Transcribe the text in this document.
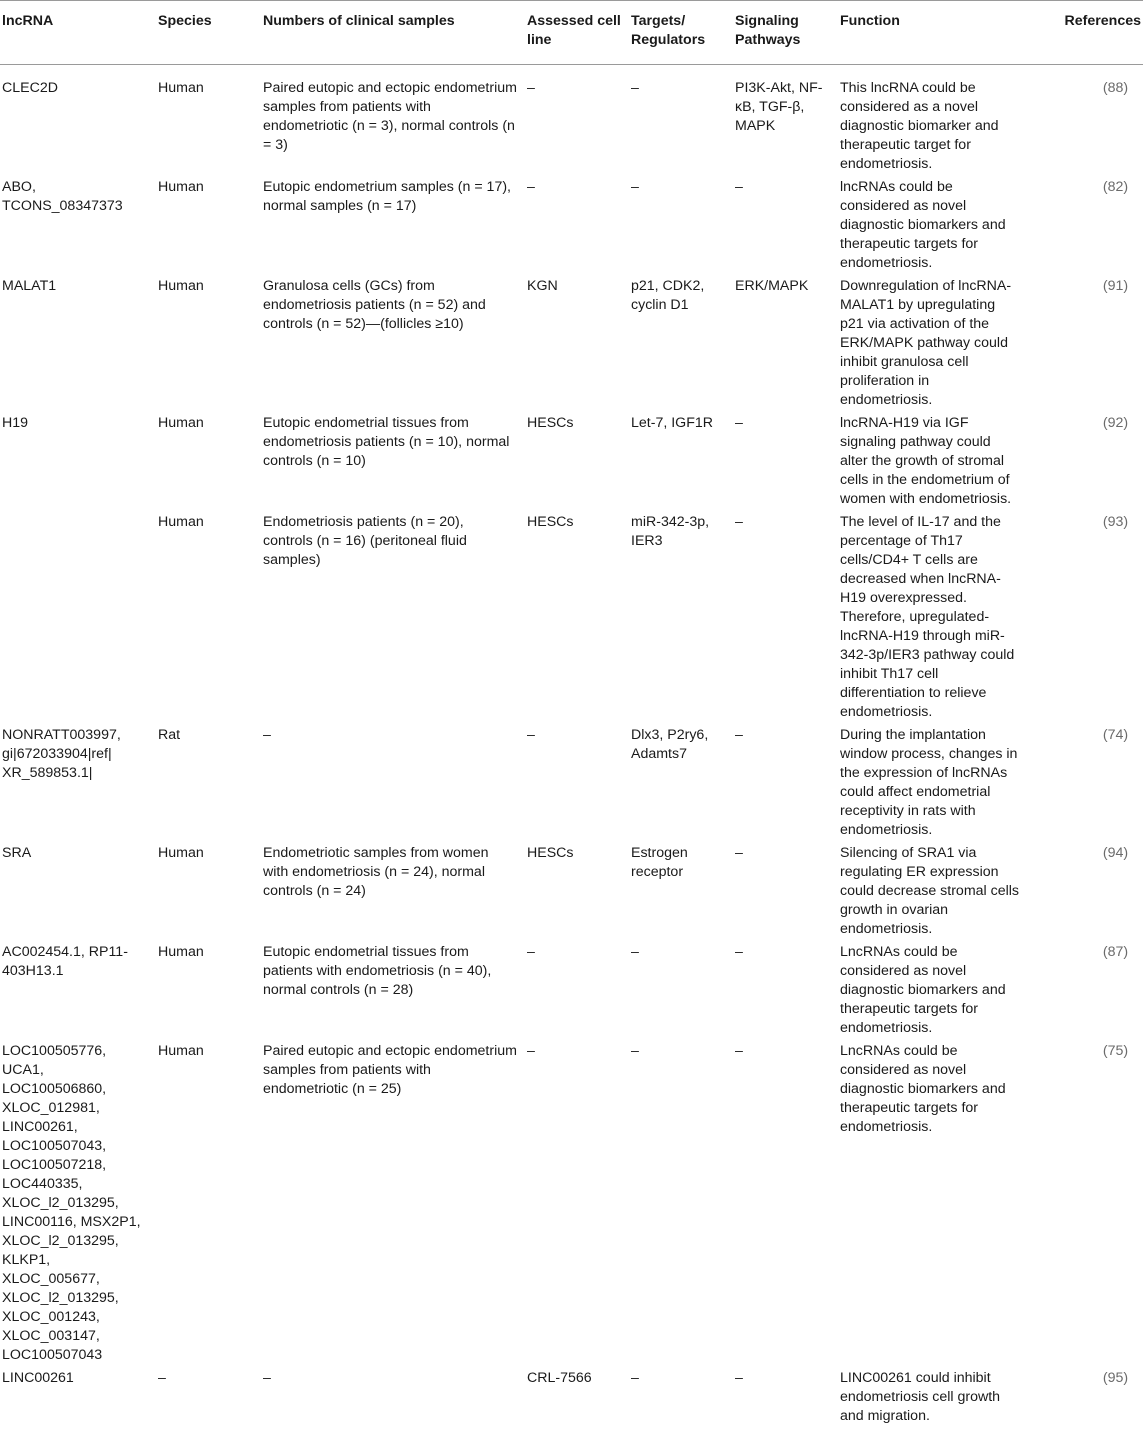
lncRNA	Species	Numbers of clinical samples	Assessed cell line	Targets/ Regulators	Signaling Pathways	Function	References
CLEC2D	Human	Paired eutopic and ectopic endometrium samples from patients with endometriotic (n = 3), normal controls (n = 3)	–	–	PI3K-Akt, NF-κB, TGF-β, MAPK	This lncRNA could be considered as a novel diagnostic biomarker and therapeutic target for endometriosis.	(88)
ABO, TCONS_08347373	Human	Eutopic endometrium samples (n = 17), normal samples (n = 17)	–	–	–	lncRNAs could be considered as novel diagnostic biomarkers and therapeutic targets for endometriosis.	(82)
MALAT1	Human	Granulosa cells (GCs) from endometriosis patients (n = 52) and controls (n = 52)—(follicles ≥10)	KGN	p21, CDK2, cyclin D1	ERK/MAPK	Downregulation of lncRNA-MALAT1 by upregulating p21 via activation of the ERK/MAPK pathway could inhibit granulosa cell proliferation in endometriosis.	(91)
H19	Human	Eutopic endometrial tissues from endometriosis patients (n = 10), normal controls (n = 10)	HESCs	Let-7, IGF1R	–	lncRNA-H19 via IGF signaling pathway could alter the growth of stromal cells in the endometrium of women with endometriosis.	(92)
	Human	Endometriosis patients (n = 20), controls (n = 16) (peritoneal fluid samples)	HESCs	miR-342-3p, IER3	–	The level of IL-17 and the percentage of Th17 cells/CD4+ T cells are decreased when lncRNA-H19 overexpressed. Therefore, upregulated-lncRNA-H19 through miR-342-3p/IER3 pathway could inhibit Th17 cell differentiation to relieve endometriosis.	(93)
NONRATT003997, gi|672033904|ref| XR_589853.1|	Rat	–	–	Dlx3, P2ry6, Adamts7	–	During the implantation window process, changes in the expression of lncRNAs could affect endometrial receptivity in rats with endometriosis.	(74)
SRA	Human	Endometriotic samples from women with endometriosis (n = 24), normal controls (n = 24)	HESCs	Estrogen receptor	–	Silencing of SRA1 via regulating ER expression could decrease stromal cells growth in ovarian endometriosis.	(94)
AC002454.1, RP11-403H13.1	Human	Eutopic endometrial tissues from patients with endometriosis (n = 40), normal controls (n = 28)	–	–	–	LncRNAs could be considered as novel diagnostic biomarkers and therapeutic targets for endometriosis.	(87)
LOC100505776, UCA1, LOC100506860, XLOC_012981, LINC00261, LOC100507043, LOC100507218, LOC440335, XLOC_l2_013295, LINC00116, MSX2P1, XLOC_l2_013295, KLKP1, XLOC_005677, XLOC_l2_013295, XLOC_001243, XLOC_003147, LOC100507043	Human	Paired eutopic and ectopic endometrium samples from patients with endometriotic (n = 25)	–	–	–	LncRNAs could be considered as novel diagnostic biomarkers and therapeutic targets for endometriosis.	(75)
LINC00261	–	–	CRL-7566	–	–	LINC00261 could inhibit endometriosis cell growth and migration.	(95)
